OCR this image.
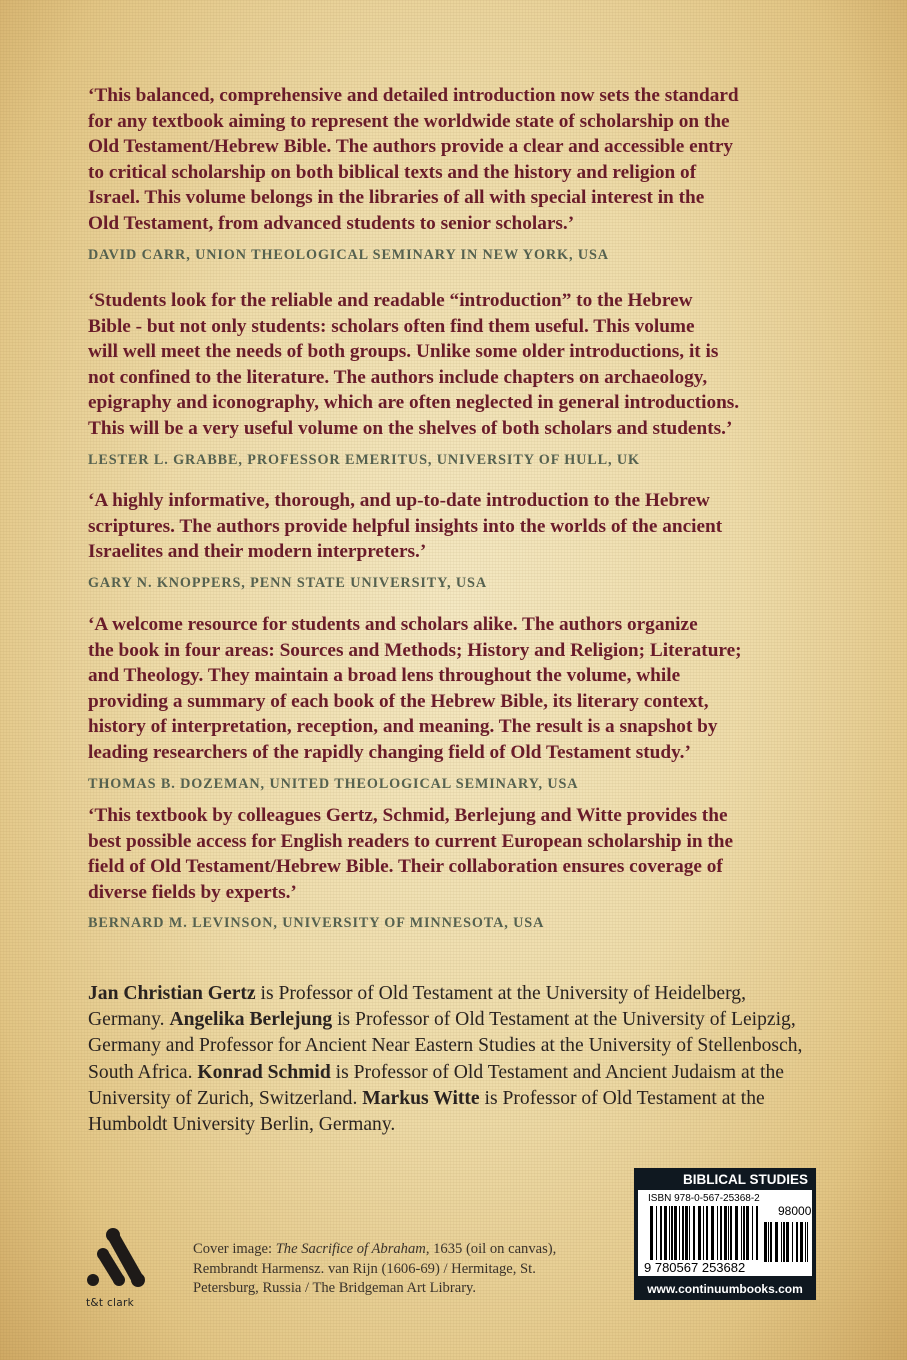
‘This balanced, comprehensive and detailed introduction now sets the standard
for any textbook aiming to represent the worldwide state of scholarship on the
Old Testament/Hebrew Bible. The authors provide a clear and accessible entry
to critical scholarship on both biblical texts and the history and religion of
Israel. This volume belongs in the libraries of all with special interest in the
Old Testament, from advanced students to senior scholars.’
DAVID CARR, UNION THEOLOGICAL SEMINARY IN NEW YORK, USA
‘Students look for the reliable and readable “introduction” to the Hebrew
Bible - but not only students: scholars often find them useful. This volume
will well meet the needs of both groups. Unlike some older introductions, it is
not confined to the literature. The authors include chapters on archaeology,
epigraphy and iconography, which are often neglected in general introductions.
This will be a very useful volume on the shelves of both scholars and students.’
LESTER L. GRABBE, PROFESSOR EMERITUS, UNIVERSITY OF HULL, UK
‘A highly informative, thorough, and up-to-date introduction to the Hebrew
scriptures. The authors provide helpful insights into the worlds of the ancient
Israelites and their modern interpreters.’
GARY N. KNOPPERS, PENN STATE UNIVERSITY, USA
‘A welcome resource for students and scholars alike. The authors organize
the book in four areas: Sources and Methods; History and Religion; Literature;
and Theology. They maintain a broad lens throughout the volume, while
providing a summary of each book of the Hebrew Bible, its literary context,
history of interpretation, reception, and meaning. The result is a snapshot by
leading researchers of the rapidly changing field of Old Testament study.’
THOMAS B. DOZEMAN, UNITED THEOLOGICAL SEMINARY, USA
‘This textbook by colleagues Gertz, Schmid, Berlejung and Witte provides the
best possible access for English readers to current European scholarship in the
field of Old Testament/Hebrew Bible. Their collaboration ensures coverage of
diverse fields by experts.’
BERNARD M. LEVINSON, UNIVERSITY OF MINNESOTA, USA
Jan Christian Gertz is Professor of Old Testament at the University of Heidelberg, Germany. Angelika Berlejung is Professor of Old Testament at the University of Leipzig, Germany and Professor for Ancient Near Eastern Studies at the University of Stellenbosch, South Africa. Konrad Schmid is Professor of Old Testament and Ancient Judaism at the University of Zurich, Switzerland. Markus Witte is Professor of Old Testament at the Humboldt University Berlin, Germany.
t&t clark
Cover image: The Sacrifice of Abraham, 1635 (oil on canvas),
Rembrandt Harmensz. van Rijn (1606-69) / Hermitage, St.
Petersburg, Russia / The Bridgeman Art Library.
BIBLICAL STUDIES
ISBN 978-0-567-25368-2
98000
9 780567 253682
www.continuumbooks.com
